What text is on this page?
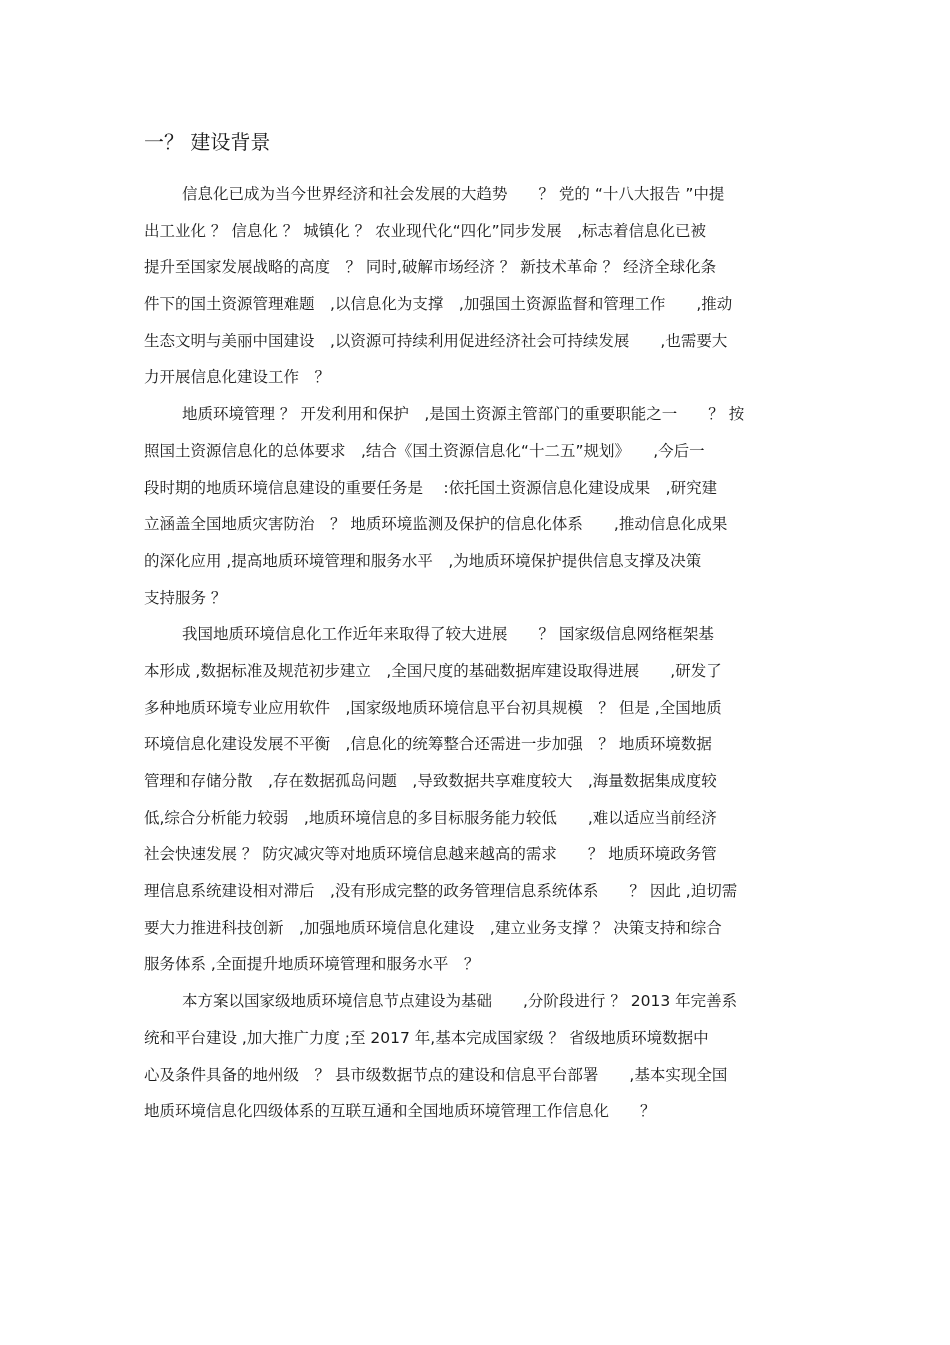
一？ 建设背景
信息化已成为当今世界经济和社会发展的大趋势　　？ 党的 “十八大报告 ”中提
出工业化 ？ 信息化 ？ 城镇化 ？ 农业现代化“四化”同步发展　,标志着信息化已被
提升至国家发展战略的高度　？ 同时,破解市场经济 ？ 新技术革命 ？ 经济全球化条
件下的国土资源管理难题　,以信息化为支撑　,加强国土资源监督和管理工作　　,推动
生态文明与美丽中国建设　,以资源可持续利用促进经济社会可持续发展　　,也需要大
力开展信息化建设工作　？
地质环境管理 ？ 开发利用和保护　,是国土资源主管部门的重要职能之一　　？ 按
照国土资源信息化的总体要求　,结合《国土资源信息化“十二五”规划》　　,今后一
段时期的地质环境信息建设的重要任务是　 :依托国土资源信息化建设成果　,研究建
立涵盖全国地质灾害防治　？ 地质环境监测及保护的信息化体系　　,推动信息化成果
的深化应用 ,提高地质环境管理和服务水平　,为地质环境保护提供信息支撑及决策
支持服务 ？
我国地质环境信息化工作近年来取得了较大进展　　？ 国家级信息网络框架基
本形成 ,数据标准及规范初步建立　,全国尺度的基础数据库建设取得进展　　,研发了
多种地质环境专业应用软件　,国家级地质环境信息平台初具规模　？ 但是 ,全国地质
环境信息化建设发展不平衡　,信息化的统筹整合还需进一步加强　？ 地质环境数据
管理和存储分散　,存在数据孤岛问题　,导致数据共享难度较大　,海量数据集成度较
低,综合分析能力较弱　,地质环境信息的多目标服务能力较低　　,难以适应当前经济
社会快速发展 ？ 防灾减灾等对地质环境信息越来越高的需求　　？ 地质环境政务管
理信息系统建设相对滞后　,没有形成完整的政务管理信息系统体系　　？ 因此 ,迫切需
要大力推进科技创新　,加强地质环境信息化建设　,建立业务支撑 ？ 决策支持和综合
服务体系 ,全面提升地质环境管理和服务水平　？
本方案以国家级地质环境信息节点建设为基础　　,分阶段进行 ？ 2013 年完善系
统和平台建设 ,加大推广力度 ;至 2017 年,基本完成国家级 ？ 省级地质环境数据中
心及条件具备的地州级　？ 县市级数据节点的建设和信息平台部署　　,基本实现全国
地质环境信息化四级体系的互联互通和全国地质环境管理工作信息化　　？
